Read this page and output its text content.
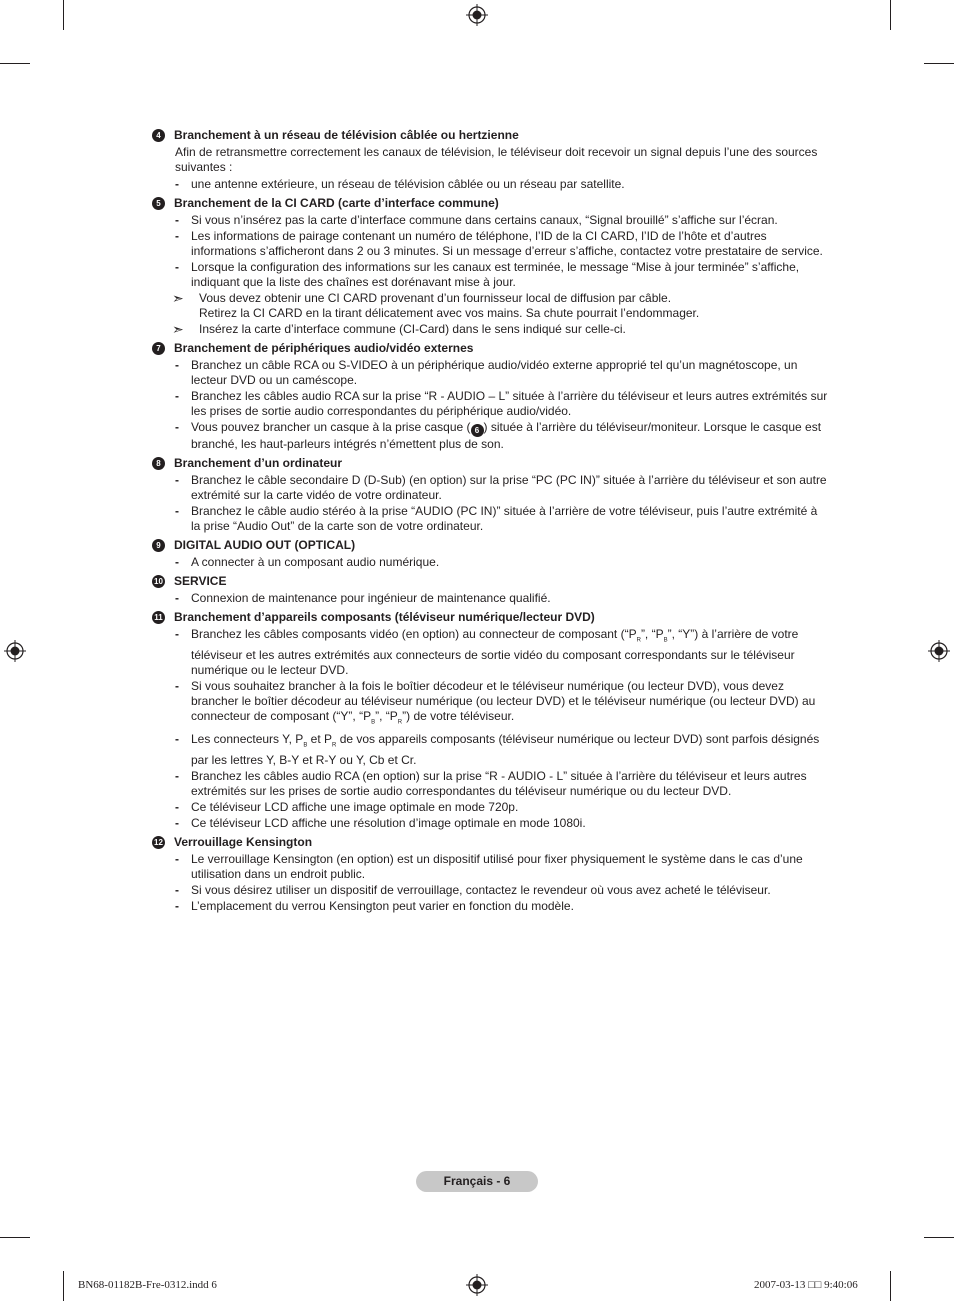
4	Branchement à un réseau de télévision câblée ou hertzienne
Afin de retransmettre correctement les canaux de télévision, le téléviseur doit recevoir un signal depuis l’une des sources suivantes :
-	une antenne extérieure, un réseau de télévision câblée ou un réseau par satellite.
5	Branchement de la CI CARD (carte d’interface commune)
-	Si vous n’insérez pas la carte d’interface commune dans certains canaux, “Signal brouillé” s’affiche sur l’écran.
-	Les informations de pairage contenant un numéro de téléphone, l’ID de la CI CARD, l’ID de l’hôte et d’autres informations s’afficheront dans 2 ou 3 minutes. Si un message d’erreur s’affiche, contactez votre prestataire de service.
-	Lorsque la configuration des informations sur les canaux est terminée, le message “Mise à jour terminée” s’affiche, indiquant que la liste des chaînes est dorénavant mise à jour.
➣	Vous devez obtenir une CI CARD provenant d’un fournisseur local de diffusion par câble.
Retirez la CI CARD en la tirant délicatement avec vos mains. Sa chute pourrait l’endommager.
➣	Insérez la carte d’interface commune (CI-Card) dans le sens indiqué sur celle-ci.
7	Branchement de périphériques audio/vidéo externes
-	Branchez un câble RCA ou S-VIDEO à un périphérique audio/vidéo externe approprié tel qu’un magnétoscope, un lecteur DVD ou un caméscope.
-	Branchez les câbles audio RCA sur la prise “R - AUDIO – L” située à l’arrière du téléviseur et leurs autres extrémités sur les prises de sortie audio correspondantes du périphérique audio/vidéo.
-	Vous pouvez brancher un casque à la prise casque ( 6 ) située à l’arrière du téléviseur/moniteur. Lorsque le casque est branché, les haut-parleurs intégrés n’émettent plus de son.
8	Branchement d’un ordinateur
-	Branchez le câble secondaire D (D-Sub) (en option) sur la prise “PC (PC IN)” située à l’arrière du téléviseur et son autre extrémité sur la carte vidéo de votre ordinateur.
-	Branchez le câble audio stéréo à la prise “AUDIO (PC IN)” située à l’arrière de votre téléviseur, puis l’autre extrémité à la prise “Audio Out” de la carte son de votre ordinateur.
9	DIGITAL AUDIO OUT (OPTICAL)
-	A connecter à un composant audio numérique.
10 SERVICE
-	Connexion de maintenance pour ingénieur de maintenance qualifié.
11 Branchement d’appareils composants (téléviseur numérique/lecteur DVD)
-	Branchez les câbles composants vidéo (en option) au connecteur de composant (“$P_R$”, “$P_B$”, “Y”) à l’arrière de votre téléviseur et les autres extrémités aux connecteurs de sortie vidéo du composant correspondants sur le téléviseur numérique ou le lecteur DVD.
-	Si vous souhaitez brancher à la fois le boîtier décodeur et le téléviseur numérique (ou lecteur DVD), vous devez brancher le boîtier décodeur au téléviseur numérique (ou lecteur DVD) et le téléviseur numérique (ou lecteur DVD) au connecteur de composant (“Y”, “$P_B$”, “$P_R$”) de votre téléviseur.
-	Les connecteurs Y, $P_B$ et $P_R$ de vos appareils composants (téléviseur numérique ou lecteur DVD) sont parfois désignés par les lettres Y, B-Y et R-Y ou Y, Cb et Cr.
-	Branchez les câbles audio RCA (en option) sur la prise “R - AUDIO - L” située à l’arrière du téléviseur et leurs autres extrémités sur les prises de sortie audio correspondantes du téléviseur numérique ou du lecteur DVD.
-	Ce téléviseur LCD affiche une image optimale en mode 720p.
-	Ce téléviseur LCD affiche une résolution d’image optimale en mode 1080i.
12 Verrouillage Kensington
-	Le verrouillage Kensington (en option) est un dispositif utilisé pour fixer physiquement le système dans le cas d’une utilisation dans un endroit public.
-	Si vous désirez utiliser un dispositif de verrouillage, contactez le revendeur où vous avez acheté le téléviseur.
-	L’emplacement du verrou Kensington peut varier en fonction du modèle.
Français - 6
BN68-01182B-Fre-0312.indd 6	2007-03-13 □□ 9:40:06
